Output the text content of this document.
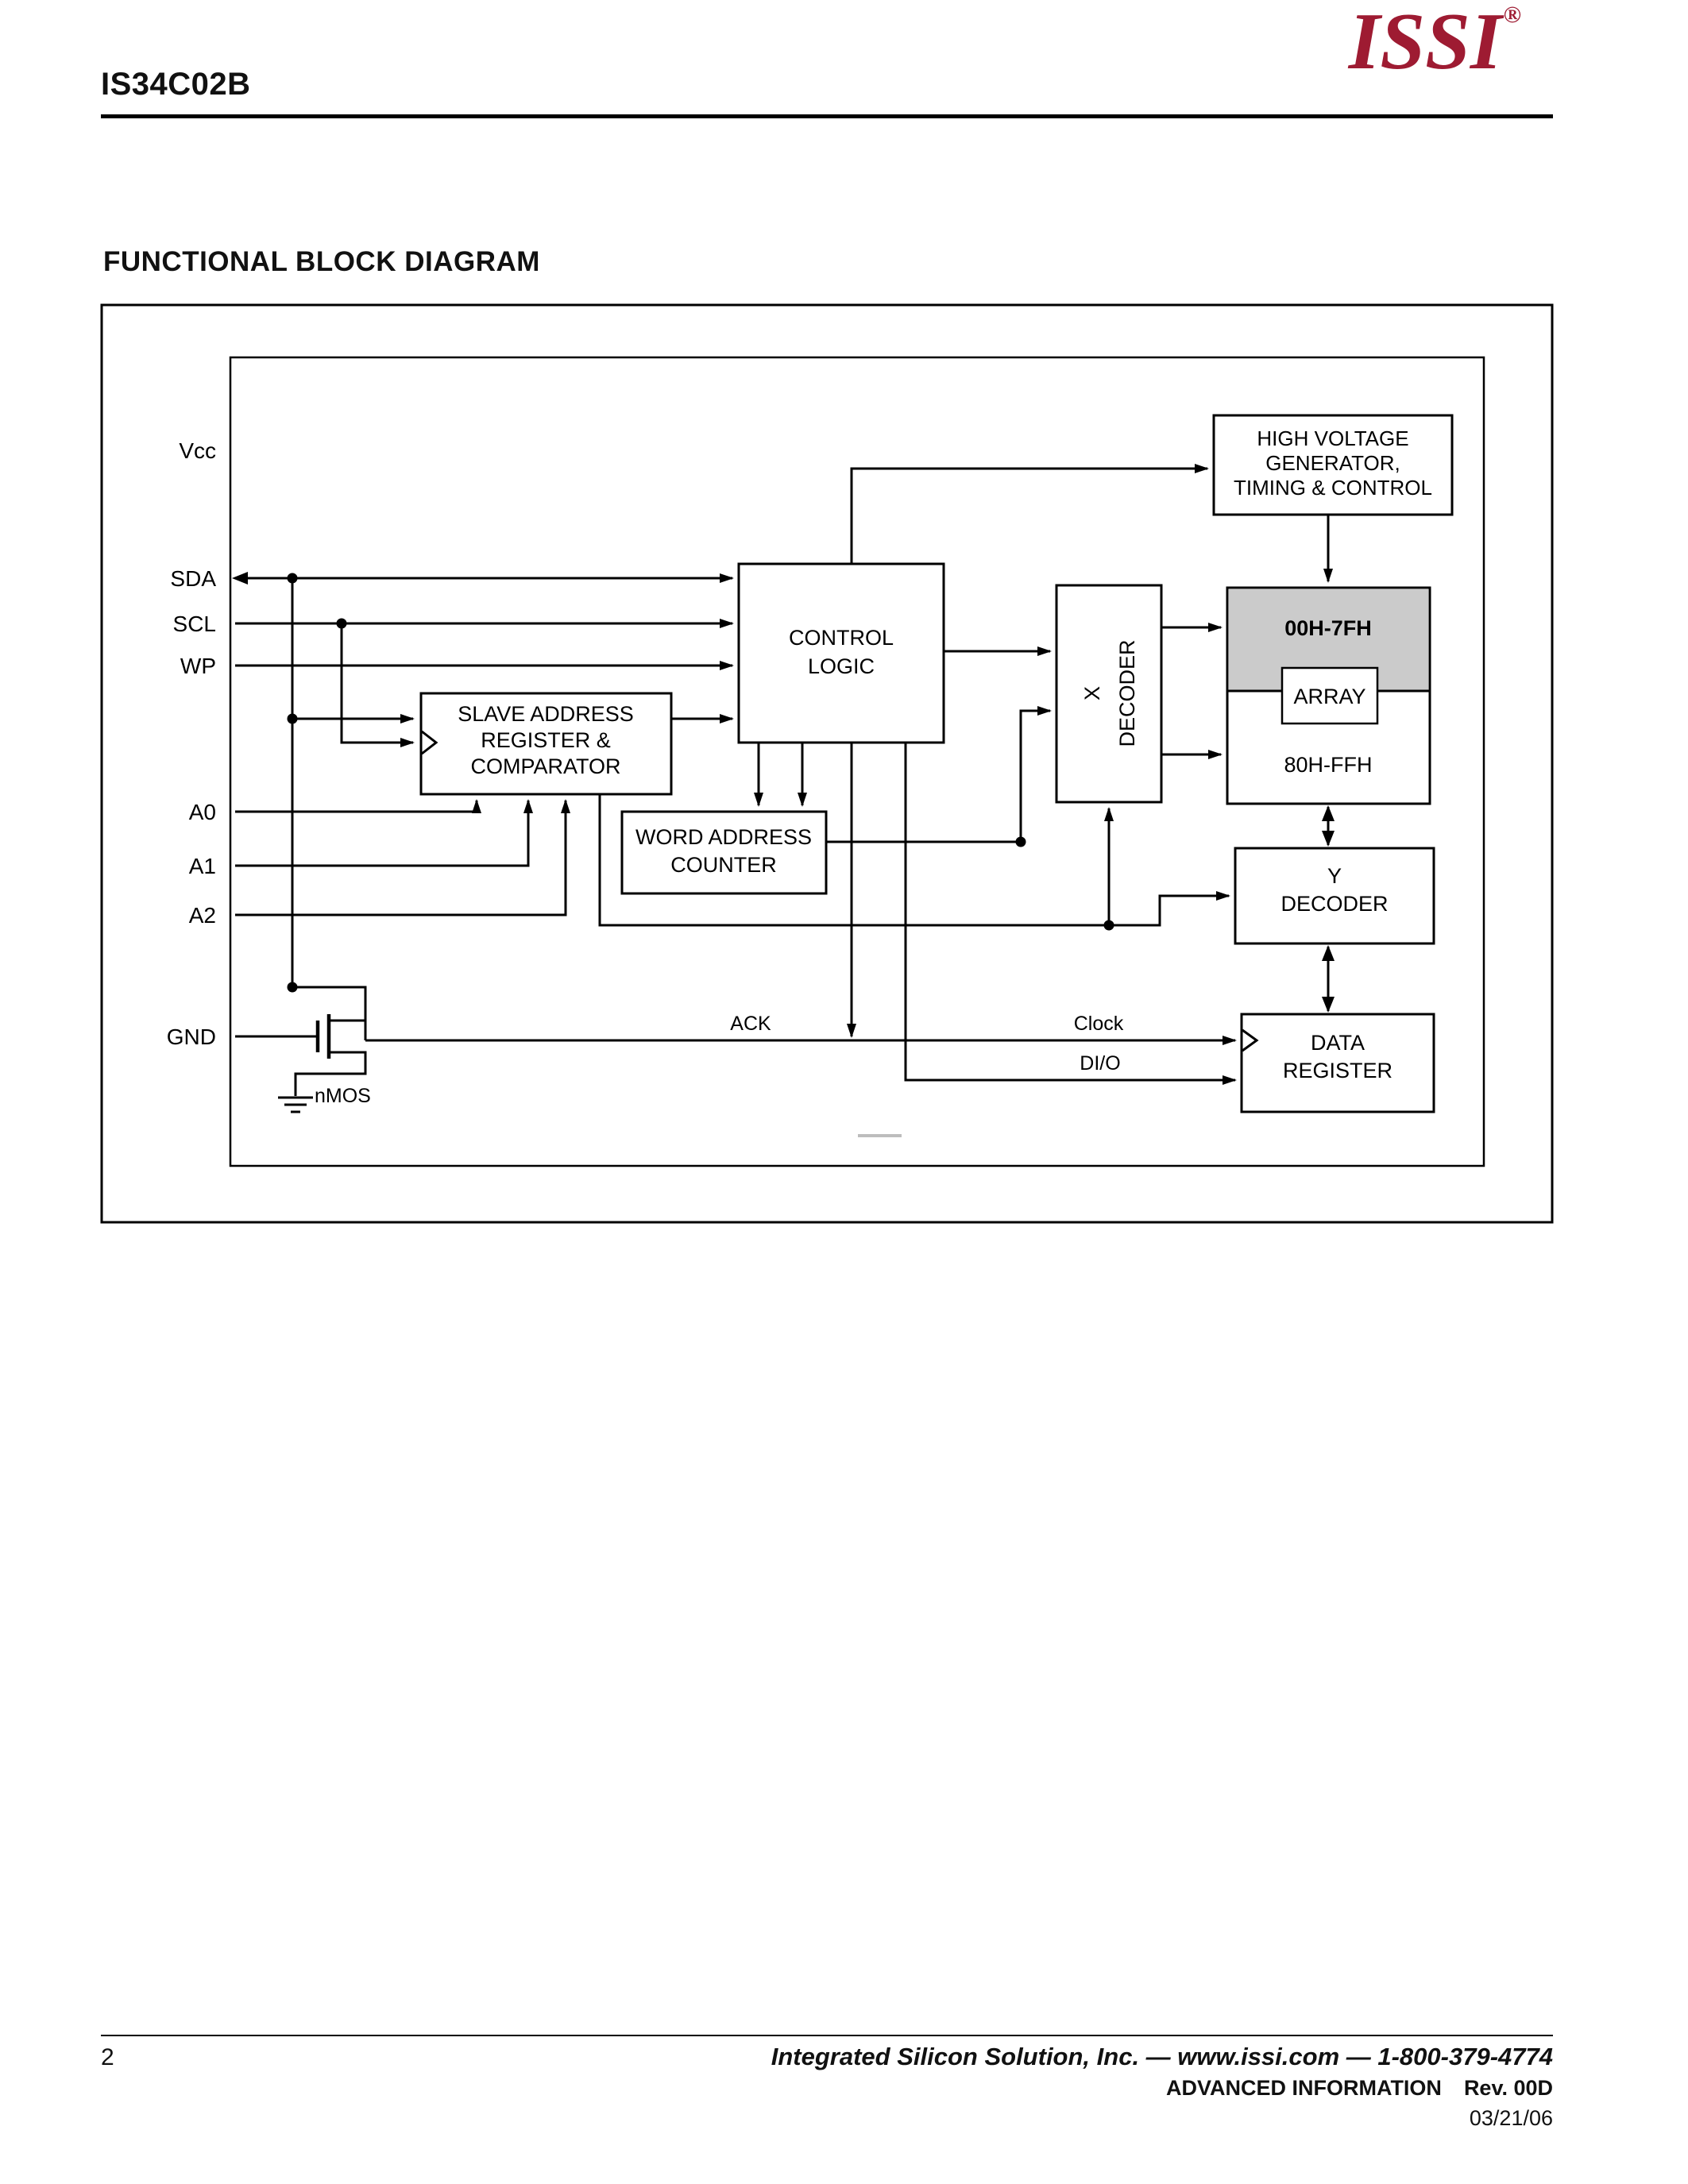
IS34C02B	ISSI®
FUNCTIONAL BLOCK DIAGRAM
Vcc
SDA
SCL
WP
A0
A1
A2
GND
HIGH VOLTAGE
GENERATOR,
TIMING & CONTROL
CONTROL
LOGIC
X DECODER
00H-7FH
ARRAY
80H-FFH
SLAVE ADDRESS
REGISTER &
COMPARATOR
WORD ADDRESS
COUNTER	Y
DECODER
DATA
REGISTER
ACK	Clock
DI/O
nMOS
2	Integrated Silicon Solution, Inc. — www.issi.com — 1-800-379-4774
ADVANCED INFORMATION Rev. 00D
03/21/06
